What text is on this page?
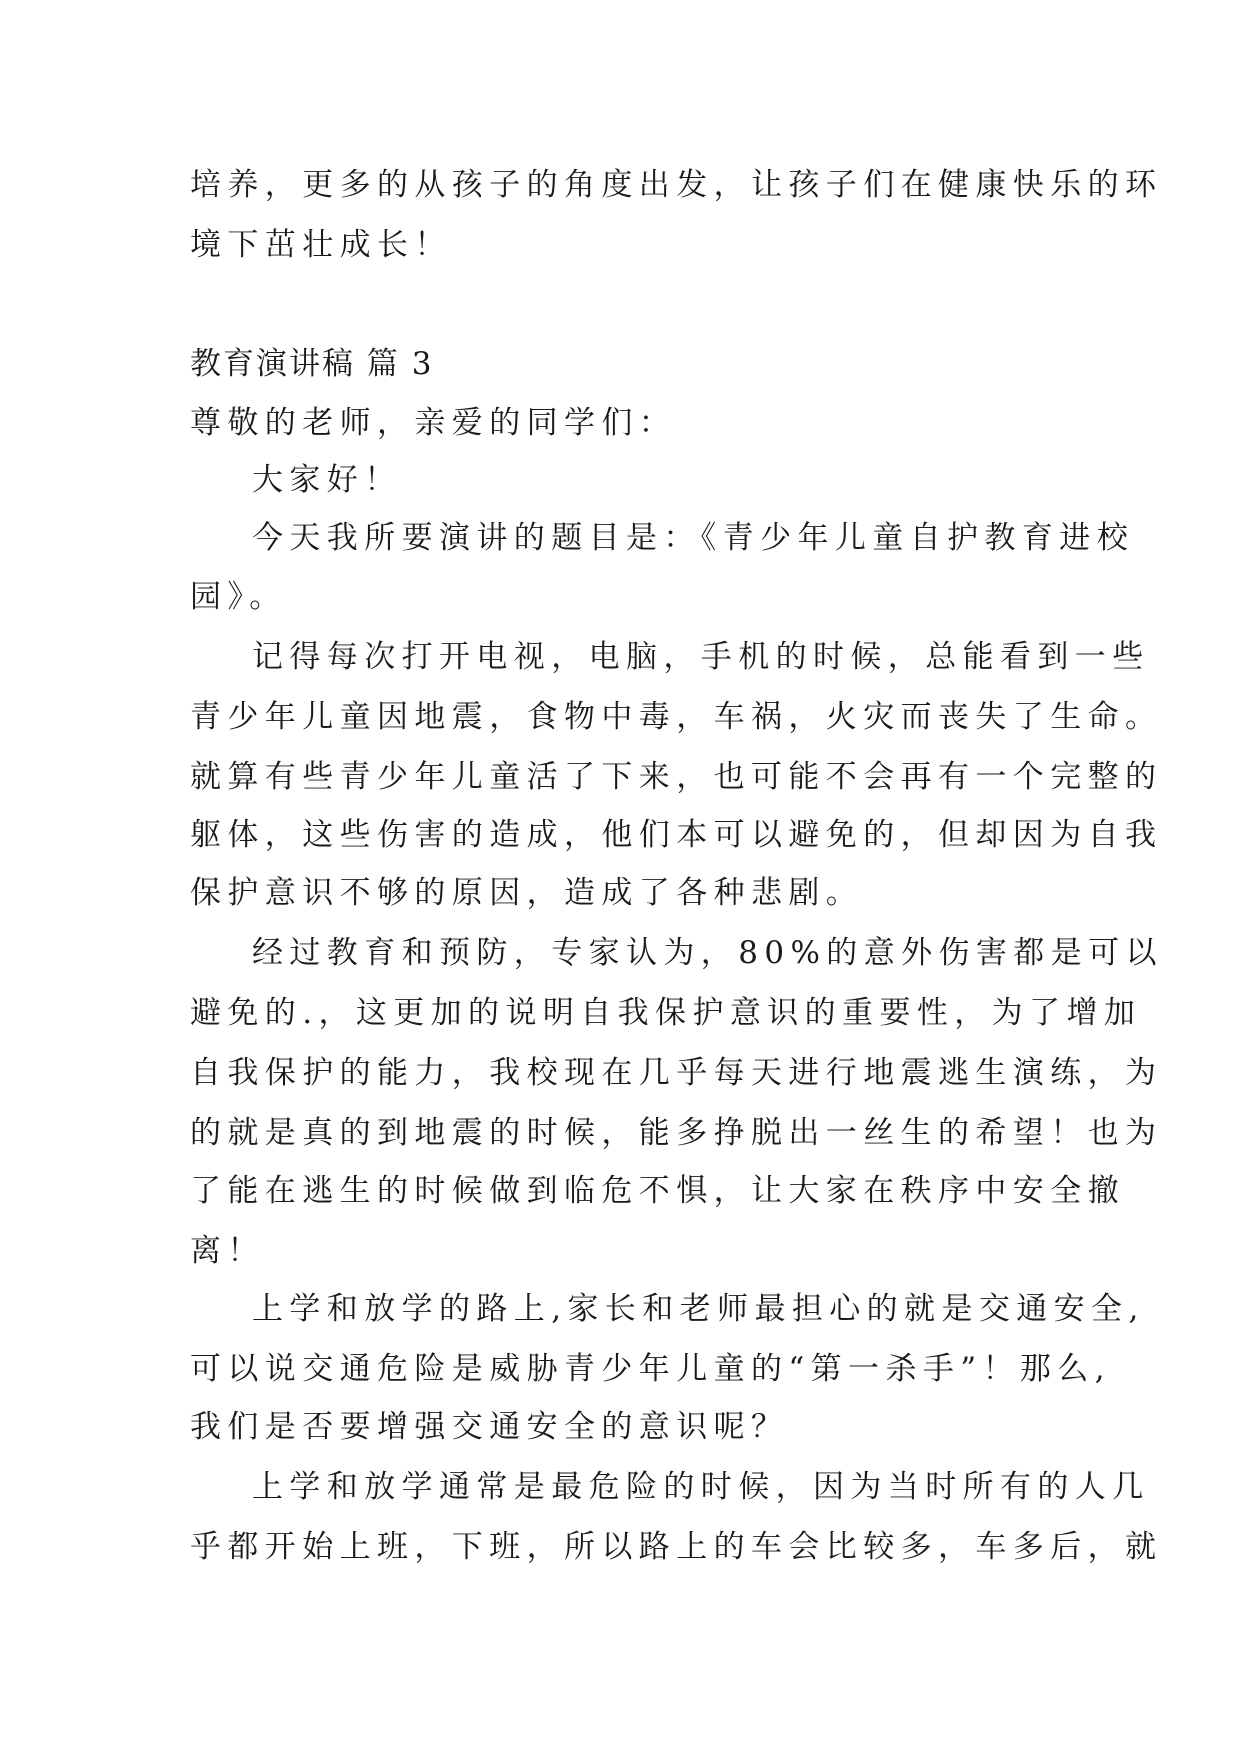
培养，更多的从孩子的角度出发，让孩子们在健康快乐的环
境下茁壮成长！
教育演讲稿 篇 3
尊敬的老师，亲爱的同学们：
大家好！
今天我所要演讲的题目是：《青少年儿童自护教育进校
园》。
记得每次打开电视，电脑，手机的时候，总能看到一些
青少年儿童因地震，食物中毒，车祸，火灾而丧失了生命。
就算有些青少年儿童活了下来，也可能不会再有一个完整的
躯体，这些伤害的造成，他们本可以避免的，但却因为自我
保护意识不够的原因，造成了各种悲剧。
经过教育和预防，专家认为，80%的意外伤害都是可以
避免的.，这更加的说明自我保护意识的重要性，为了增加
自我保护的能力，我校现在几乎每天进行地震逃生演练，为
的就是真的到地震的时候，能多挣脱出一丝生的希望！也为
了能在逃生的时候做到临危不惧，让大家在秩序中安全撤
离！
上学和放学的路上,家长和老师最担心的就是交通安全,
可以说交通危险是威胁青少年儿童的“第一杀手”！那么,
我们是否要增强交通安全的意识呢？
上学和放学通常是最危险的时候，因为当时所有的人几
乎都开始上班，下班，所以路上的车会比较多，车多后，就
